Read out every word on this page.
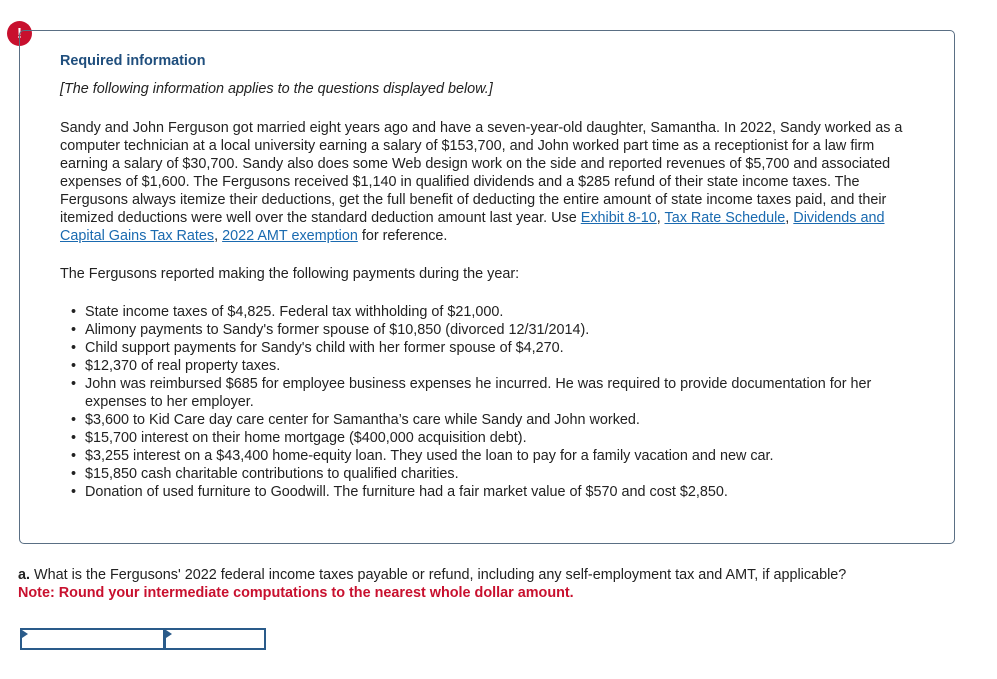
!
Required information

[The following information applies to the questions displayed below.]

Sandy and John Ferguson got married eight years ago and have a seven-year-old daughter, Samantha. In 2022, Sandy worked as a computer technician at a local university earning a salary of $153,700, and John worked part time as a receptionist for a law firm earning a salary of $30,700. Sandy also does some Web design work on the side and reported revenues of $5,700 and associated expenses of $1,600. The Fergusons received $1,140 in qualified dividends and a $285 refund of their state income taxes. The Fergusons always itemize their deductions, get the full benefit of deducting the entire amount of state income taxes paid, and their itemized deductions were well over the standard deduction amount last year. Use Exhibit 8-10, Tax Rate Schedule, Dividends and Capital Gains Tax Rates, 2022 AMT exemption for reference.

The Fergusons reported making the following payments during the year:

• State income taxes of $4,825. Federal tax withholding of $21,000.
• Alimony payments to Sandy's former spouse of $10,850 (divorced 12/31/2014).
• Child support payments for Sandy's child with her former spouse of $4,270.
• $12,370 of real property taxes.
• John was reimbursed $685 for employee business expenses he incurred. He was required to provide documentation for her expenses to her employer.
• $3,600 to Kid Care day care center for Samantha’s care while Sandy and John worked.
• $15,700 interest on their home mortgage ($400,000 acquisition debt).
• $3,255 interest on a $43,400 home-equity loan. They used the loan to pay for a family vacation and new car.
• $15,850 cash charitable contributions to qualified charities.
• Donation of used furniture to Goodwill. The furniture had a fair market value of $570 and cost $2,850.
a. What is the Fergusons' 2022 federal income taxes payable or refund, including any self-employment tax and AMT, if applicable?
Note: Round your intermediate computations to the nearest whole dollar amount.
